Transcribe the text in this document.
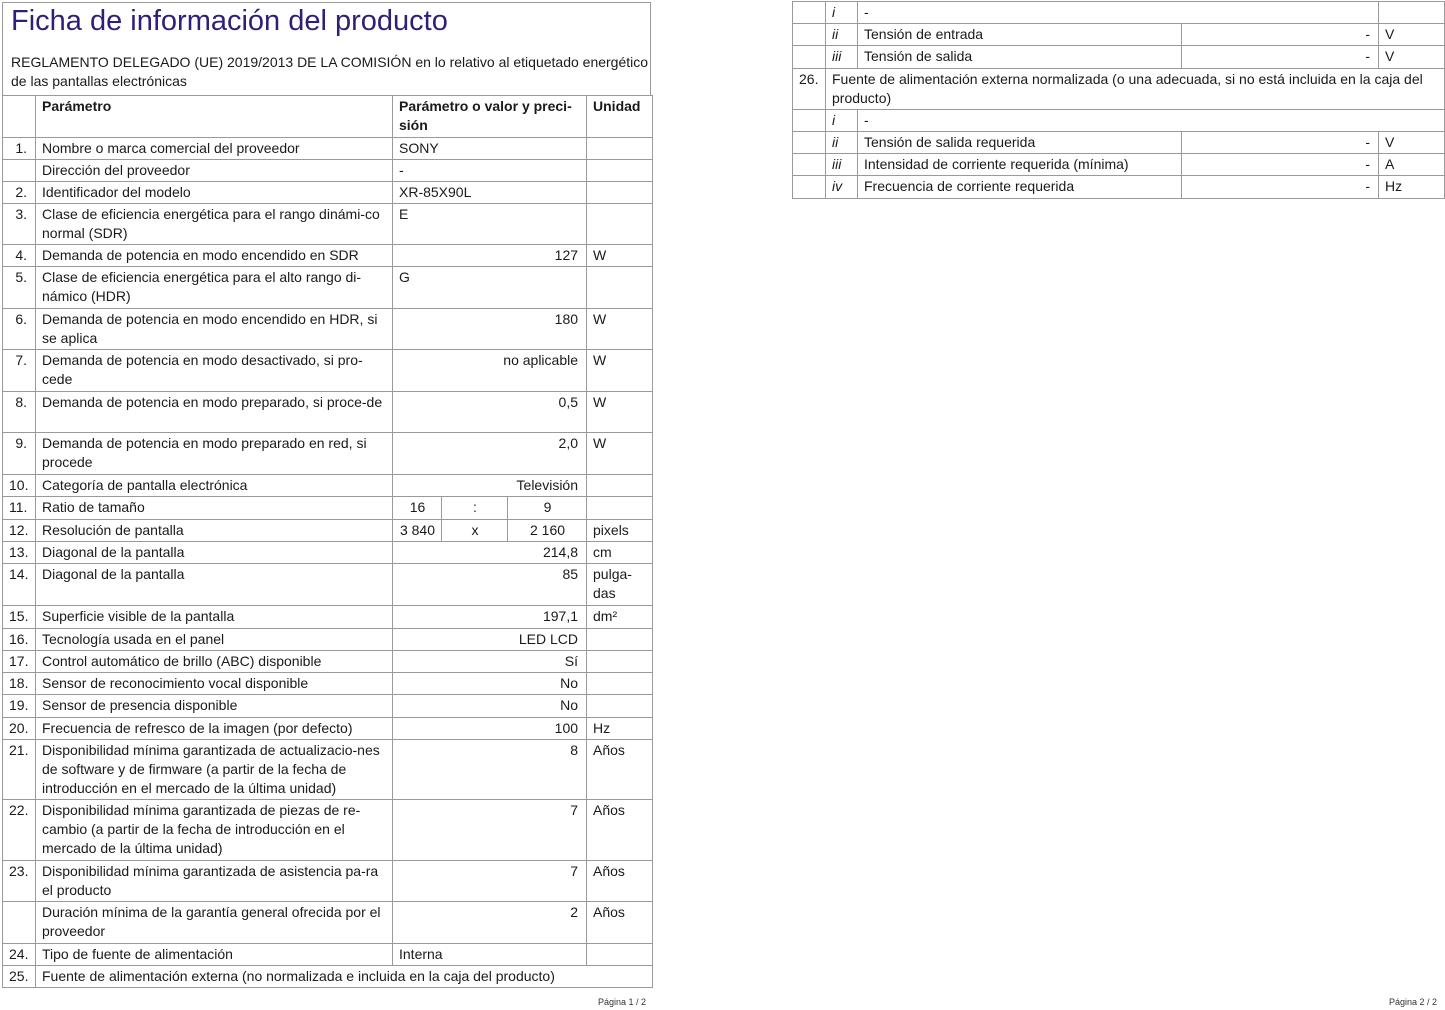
Ficha de información del producto
REGLAMENTO DELEGADO (UE) 2019/2013 DE LA COMISIÓN en lo relativo al etiquetado energético de las pantallas electrónicas
	Parámetro	Parámetro o valor y preci-sión			Unidad
1.	Nombre o marca comercial del proveedor	SONY			
	Dirección del proveedor	-			
2.	Identificador del modelo	XR-85X90L			
3.	Clase de eficiencia energética para el rango dinámi-co normal (SDR)	E			
4.	Demanda de potencia en modo encendido en SDR	127			W
5.	Clase de eficiencia energética para el alto rango di-námico (HDR)	G			
6.	Demanda de potencia en modo encendido en HDR, si se aplica	180			W
7.	Demanda de potencia en modo desactivado, si pro-cede	no aplicable			W
8.	Demanda de potencia en modo preparado, si proce-de	0,5			W
9.	Demanda de potencia en modo preparado en red, si procede	2,0			W
10.	Categoría de pantalla electrónica	Televisión			
11.	Ratio de tamaño	16	:	9	
12.	Resolución de pantalla	3 840	x	2 160	pixels
13.	Diagonal de la pantalla	214,8			cm
14.	Diagonal de la pantalla	85			pulga-das
15.	Superficie visible de la pantalla	197,1			dm²
16.	Tecnología usada en el panel	LED LCD			
17.	Control automático de brillo (ABC) disponible	Sí			
18.	Sensor de reconocimiento vocal disponible	No			
19.	Sensor de presencia disponible	No			
20.	Frecuencia de refresco de la imagen (por defecto)	100			Hz
21.	Disponibilidad mínima garantizada de actualizacio-nes de software y de firmware (a partir de la fecha de introducción en el mercado de la última unidad)	8			Años
22.	Disponibilidad mínima garantizada de piezas de re-cambio (a partir de la fecha de introducción en el mercado de la última unidad)	7			Años
23.	Disponibilidad mínima garantizada de asistencia pa-ra el producto	7			Años
	Duración mínima de la garantía general ofrecida por el proveedor	2			Años
24.	Tipo de fuente de alimentación	Interna			
25.	Fuente de alimentación externa (no normalizada e incluida en la caja del producto)				
Página 1 / 2
	i	-		
	ii	Tensión de entrada	-	V
	iii	Tensión de salida	-	V
26.	Fuente de alimentación externa normalizada (o una adecuada, si no está incluida en la caja del producto)			
	i	-		
	ii	Tensión de salida requerida	-	V
	iii	Intensidad de corriente requerida (mínima)	-	A
	iv	Frecuencia de corriente requerida	-	Hz
Página 2 / 2
